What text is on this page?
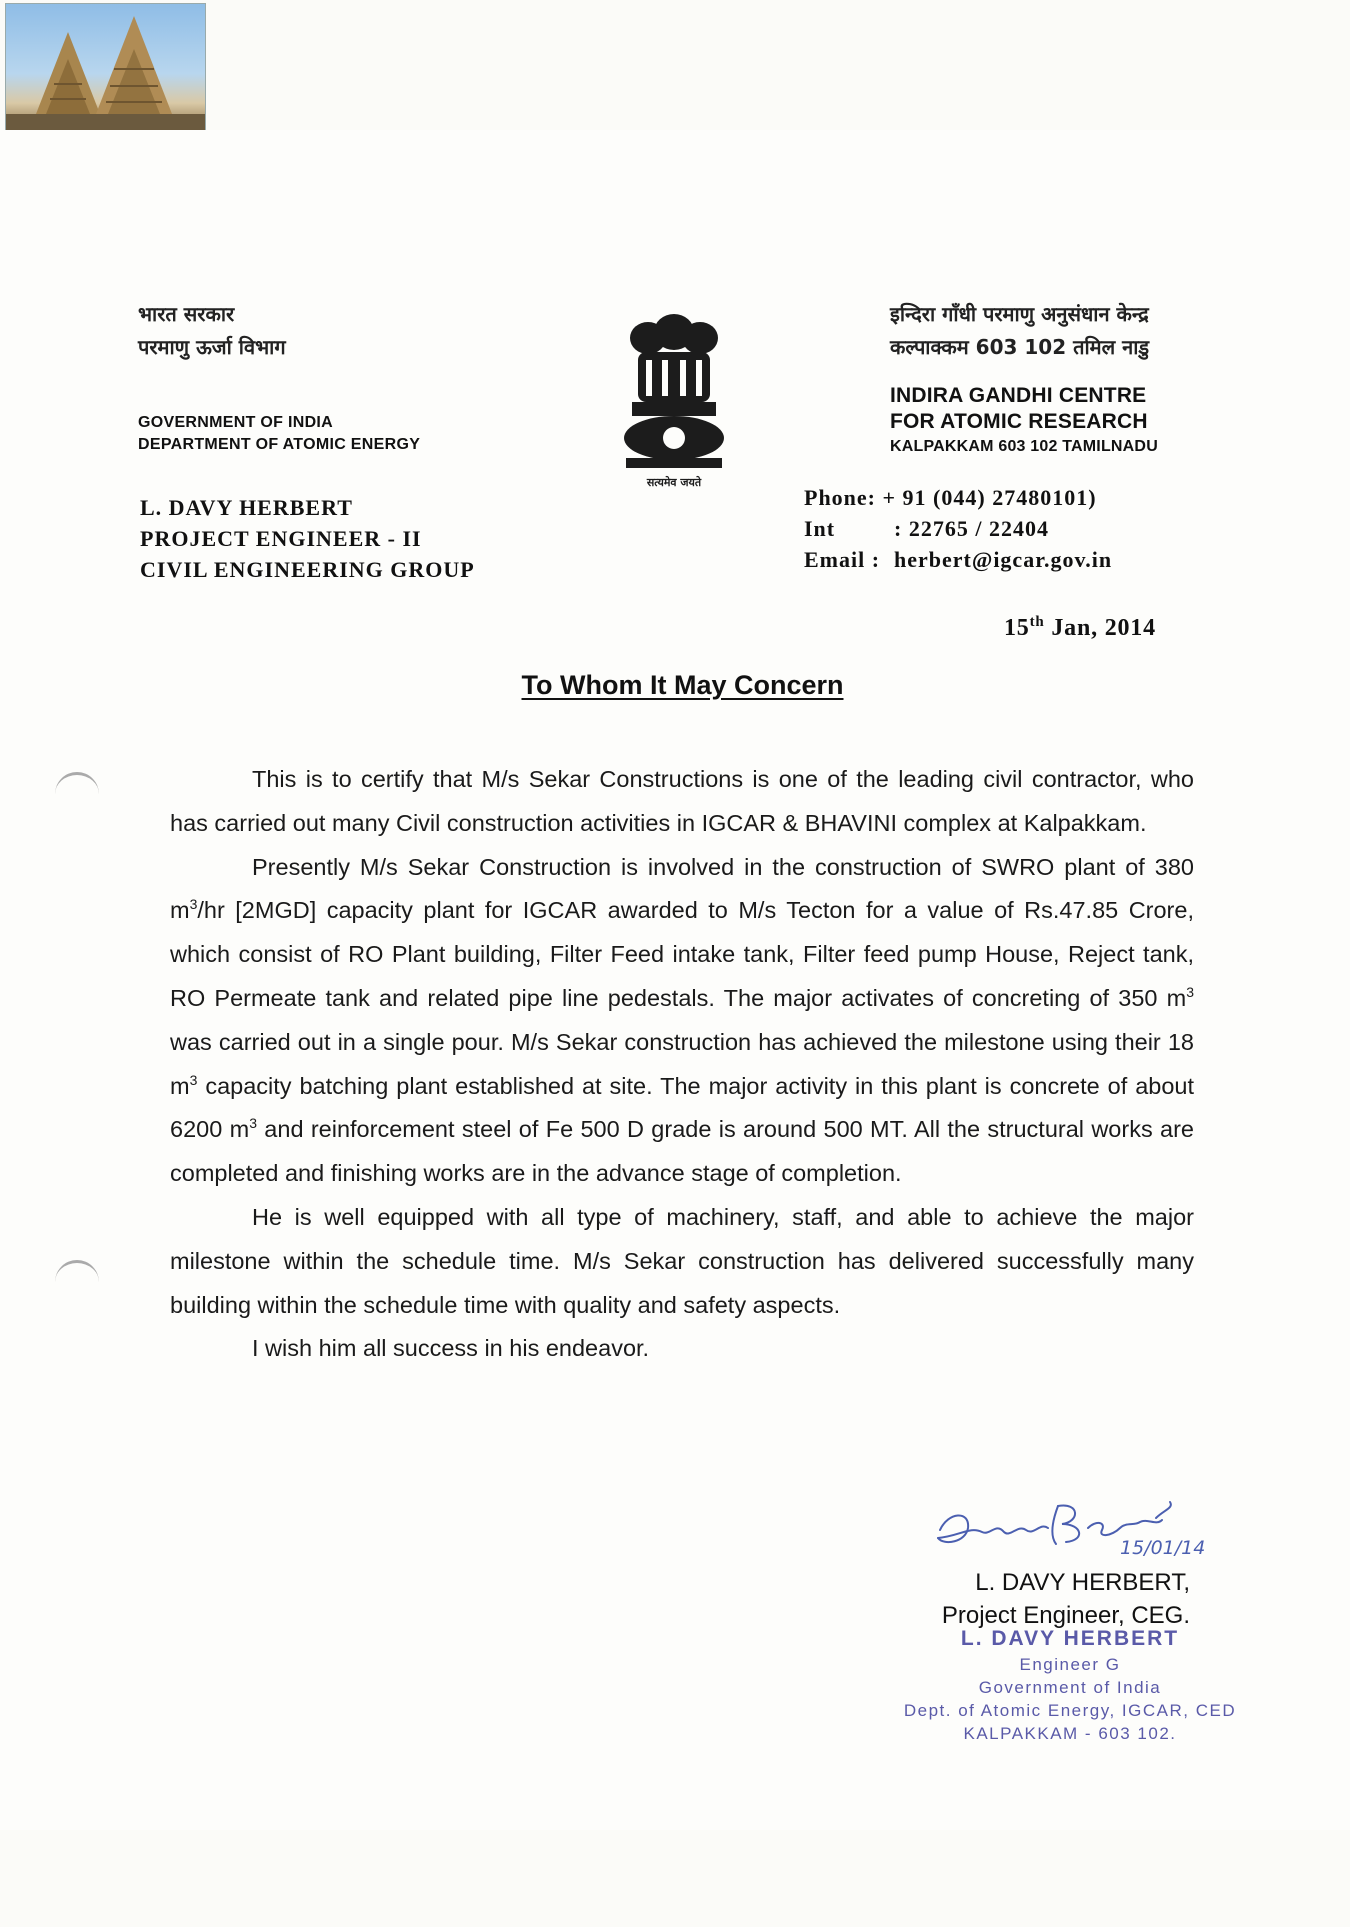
भारत सरकार
परमाणु ऊर्जा विभाग
इन्दिरा गाँधी परमाणु अनुसंधान केन्द्र
कल्पाक्कम 603 102 तमिल नाडु
GOVERNMENT OF INDIA
DEPARTMENT OF ATOMIC ENERGY
INDIRA GANDHI CENTRE
FOR ATOMIC RESEARCH
KALPAKKAM 603 102 TAMILNADU
सत्यमेव जयते
L. DAVY HERBERT
PROJECT ENGINEER - II
CIVIL ENGINEERING GROUP
Phone: + 91 (044) 27480101)
Int	: 22765 / 22404
Email : herbert@igcar.gov.in
15th Jan, 2014
To Whom It May Concern

This is to certify that M/s Sekar Constructions is one of the leading civil contractor, who has carried out many Civil construction activities in IGCAR & BHAVINI complex at Kalpakkam.

Presently M/s Sekar Construction is involved in the construction of SWRO plant of 380 $m^3/hr$ [2MGD] capacity plant for IGCAR awarded to M/s Tecton for a value of Rs.47.85 Crore, which consist of RO Plant building, Filter Feed intake tank, Filter feed pump House, Reject tank, RO Permeate tank and related pipe line pedestals. The major activates of concreting of 350 $m^3$ was carried out in a single pour. M/s Sekar construction has achieved the milestone using their 18 $m^3$ capacity batching plant established at site. The major activity in this plant is concrete of about 6200 $m^3$ and reinforcement steel of Fe 500 D grade is around 500 MT. All the structural works are completed and finishing works are in the advance stage of completion.

He is well equipped with all type of machinery, staff, and able to achieve the major milestone within the schedule time. M/s Sekar construction has delivered successfully many building within the schedule time with quality and safety aspects.

I wish him all success in his endeavor.

15/01/14
L. DAVY HERBERT,
Project Engineer, CEG.
L. DAVY HERBERT
Engineer G
Government of India
Dept. of Atomic Energy, IGCAR, CED
KALPAKKAM - 603 102.
